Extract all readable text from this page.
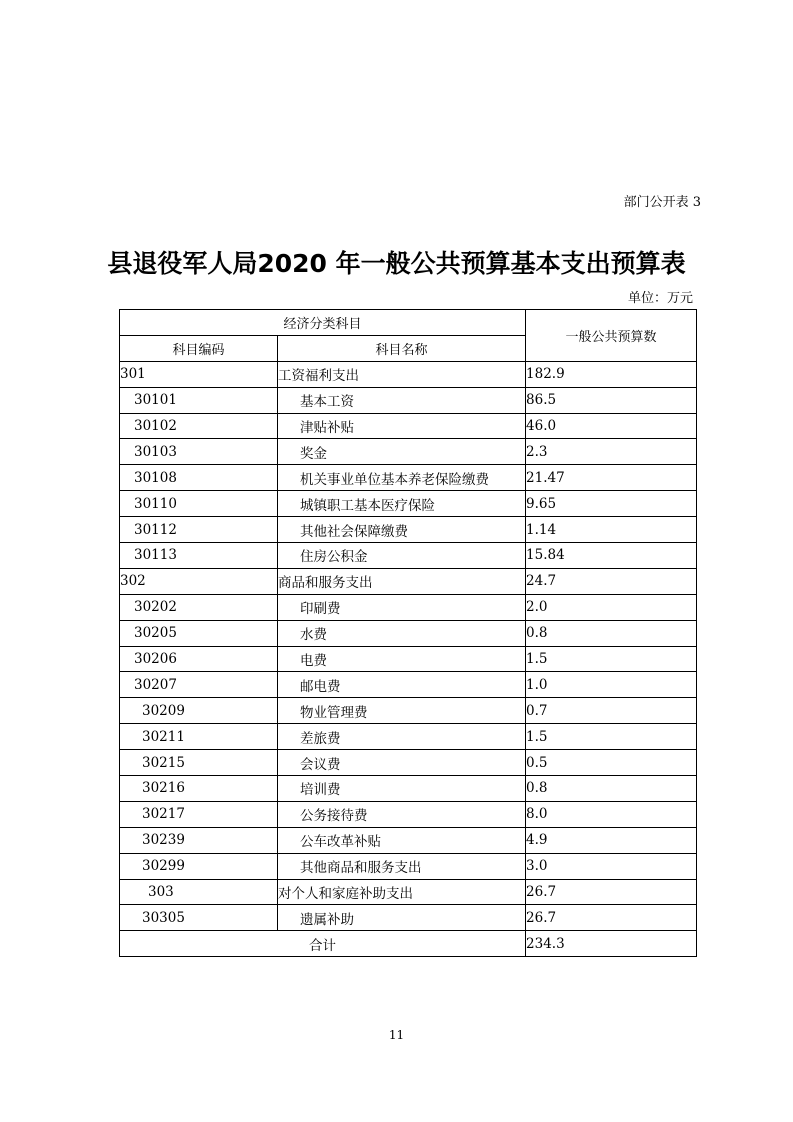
部门公开表 3
县退役军人局2020 年一般公共预算基本支出预算表
单位：万元
经济分类科目		一般公共预算数
科目编码	科目名称	
301	工资福利支出	182.9
30101	基本工资	86.5
30102	津贴补贴	46.0
30103	奖金	2.3
30108	机关事业单位基本养老保险缴费	21.47
30110	城镇职工基本医疗保险	9.65
30112	其他社会保障缴费	1.14
30113	住房公积金	15.84
302	商品和服务支出	24.7
30202	印刷费	2.0
30205	水费	0.8
30206	电费	1.5
30207	邮电费	1.0
30209	物业管理费	0.7
30211	差旅费	1.5
30215	会议费	0.5
30216	培训费	0.8
30217	公务接待费	8.0
30239	公车改革补贴	4.9
30299	其他商品和服务支出	3.0
303	对个人和家庭补助支出	26.7
30305	遗属补助	26.7
合计		234.3
11
